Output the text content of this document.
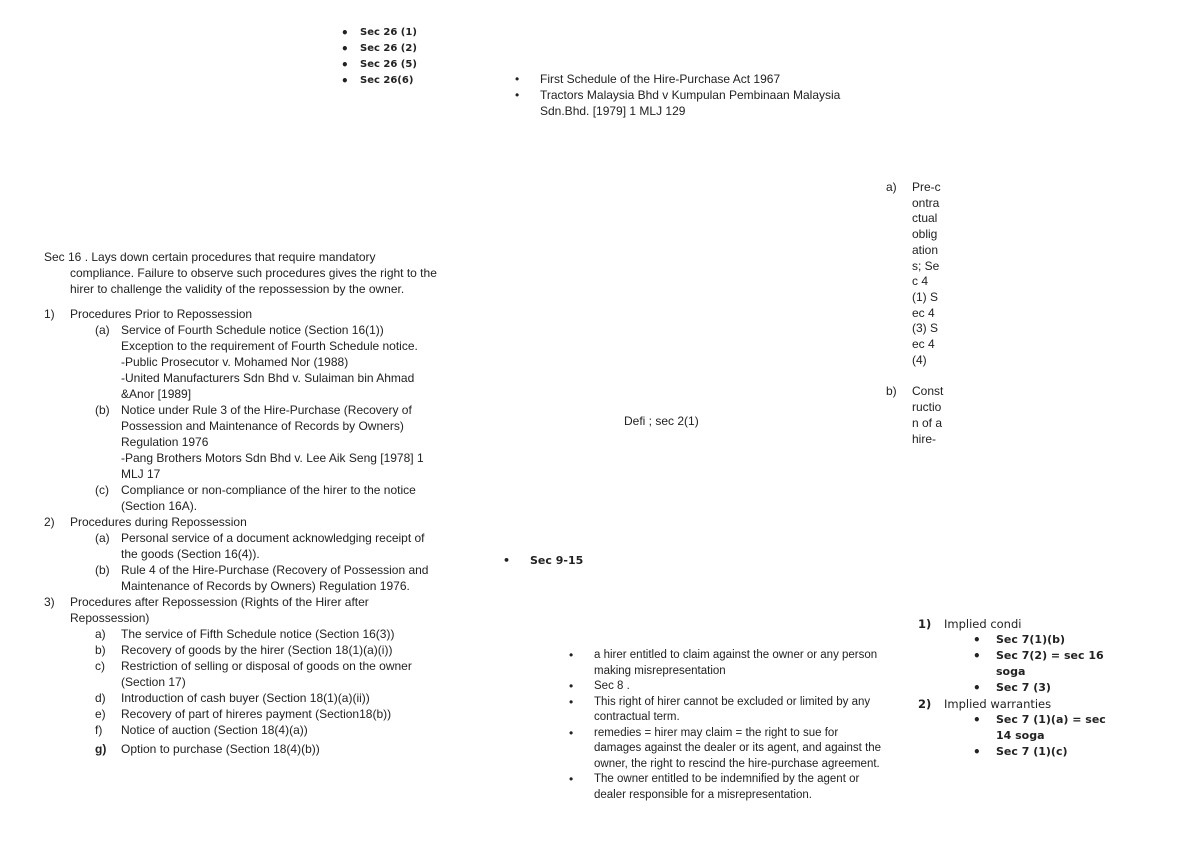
• Sec 26 (1)
• Sec 26 (2)
• Sec 26 (5)
• Sec 26(6)
•	First Schedule of the Hire-Purchase Act 1967
• Tractors Malaysia Bhd v Kumpulan Pembinaan Malaysia Sdn.Bhd. [1979] 1 MLJ 129
a) Pre-contractual obligations; Sec 4(1) Sec 4(3) Sec 4(4)
b) Construction of a hire-
Sec 16 . Lays down certain procedures that require mandatory compliance. Failure to observe such procedures gives the right to the hirer to challenge the validity of the repossession by the owner.
1) Procedures Prior to Repossession
(a) Service of Fourth Schedule notice (Section 16(1))
Exception to the requirement of Fourth Schedule notice.
-Public Prosecutor v. Mohamed Nor (1988)
-United Manufacturers Sdn Bhd v. Sulaiman bin Ahmad &Anor [1989]
(b) Notice under Rule 3 of the Hire-Purchase (Recovery of Possession and Maintenance of Records by Owners) Regulation 1976
-Pang Brothers Motors Sdn Bhd v. Lee Aik Seng [1978] 1 MLJ 17
(c) Compliance or non-compliance of the hirer to the notice (Section 16A).
2) Procedures during Repossession
(a) Personal service of a document acknowledging receipt of the goods (Section 16(4)).
(b) Rule 4 of the Hire-Purchase (Recovery of Possession and Maintenance of Records by Owners) Regulation 1976.
3) Procedures after Repossession (Rights of the Hirer after Repossession)
a) The service of Fifth Schedule notice (Section 16(3))
b) Recovery of goods by the hirer (Section 18(1)(a)(i))
c) Restriction of selling or disposal of goods on the owner (Section 17)
d) Introduction of cash buyer (Section 18(1)(a)(ii))
e) Recovery of part of hireres payment (Section18(b))
f) Notice of auction (Section 18(4)(a))
g) Option to purchase (Section 18(4)(b))
Defi ; sec 2(1)
• Sec 9-15
• a hirer entitled to claim against the owner or any person making misrepresentation
• Sec 8 .
• This right of hirer cannot be excluded or limited by any contractual term.
• remedies = hirer may claim = the right to sue for damages against the dealer or its agent, and against the owner, the right to rescind the hire-purchase agreement.
• The owner entitled to be indemnified by the agent or dealer responsible for a misrepresentation.
1) Implied condi
• Sec 7(1)(b)
• Sec 7(2) = sec 16 soga
• Sec 7 (3)
2) Implied warranties
• Sec 7 (1)(a) = sec 14 soga
• Sec 7 (1)(c)
